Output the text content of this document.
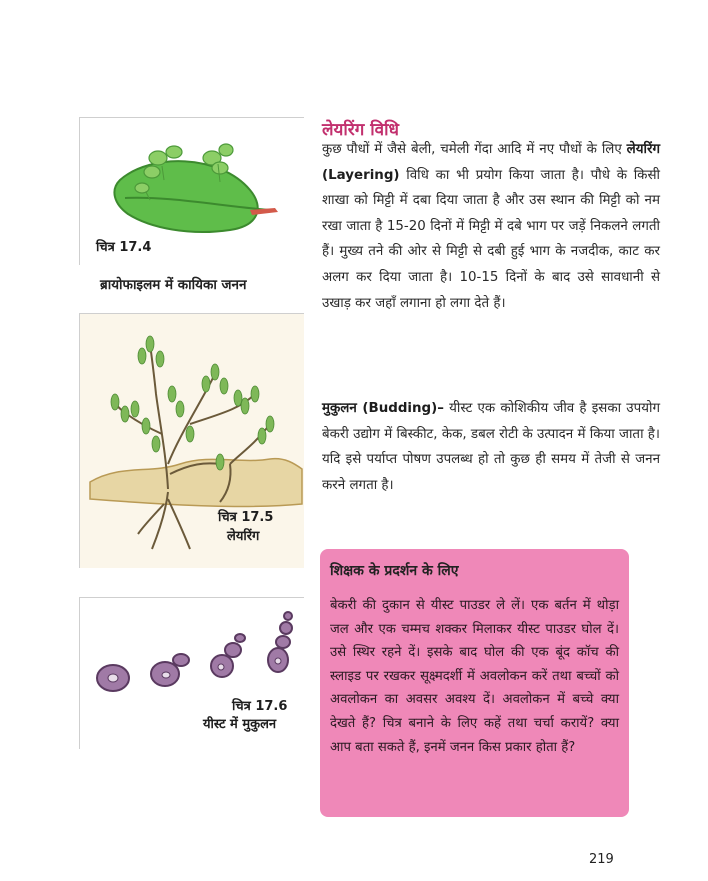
चित्र 17.4
ब्रायोफाइलम में कायिका जनन
चित्र 17.5
लेयरिंग
चित्र 17.6
यीस्ट में मुकुलन
लेयरिंग विधि
कुछ पौधों में जैसे बेली, चमेली गेंदा आदि में नए पौधों के लिए लेयरिंग (Layering) विधि का भी प्रयोग किया जाता है। पौधे के किसी शाखा को मिट्टी में दबा दिया जाता है और उस स्थान की मिट्टी को नम रखा जाता है 15-20 दिनों में मिट्टी में दबे भाग पर जड़ें निकलने लगती हैं। मुख्य तने की ओर से मिट्टी से दबी हुई भाग के नजदीक, काट कर अलग कर दिया जाता है। 10-15 दिनों के बाद उसे सावधानी से उखाड़ कर जहाँ लगाना हो लगा देते हैं।
मुकुलन (Budding)– यीस्ट एक कोशिकीय जीव है इसका उपयोग बेकरी उद्योग में बिस्कीट, केक, डबल रोटी के उत्पादन में किया जाता है। यदि इसे पर्याप्त पोषण उपलब्ध हो तो कुछ ही समय में तेजी से जनन करने लगता है।
शिक्षक के प्रदर्शन के लिए
बेकरी की दुकान से यीस्ट पाउडर ले लें। एक बर्तन में थोड़ा जल और एक चम्मच शक्कर मिलाकर यीस्ट पाउडर घोल दें। उसे स्थिर रहने दें। इसके बाद घोल की एक बूंद कॉच की स्लाइड पर रखकर सूक्ष्मदर्शी में अवलोकन करें तथा बच्चों को अवलोकन का अवसर अवश्य दें। अवलोकन में बच्चे क्या देखते हैं? चित्र बनाने के लिए कहें तथा चर्चा करायें? क्या आप बता सकते हैं, इनमें जनन किस प्रकार होता हैं?
219
